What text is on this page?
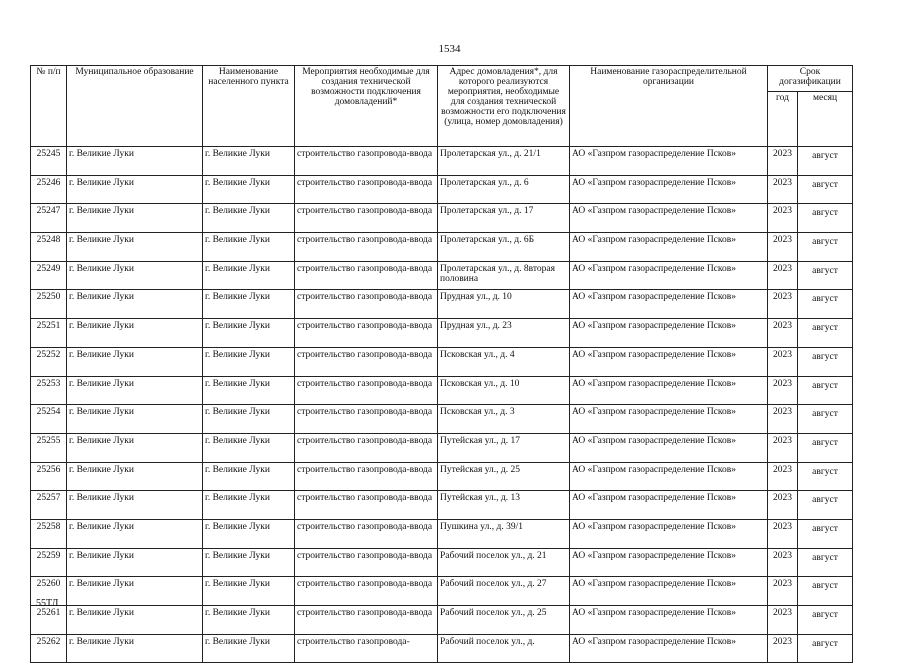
1534
№ п/п	Муниципальное образование	Наименование населенного пункта	Мероприятия необходимые для создания технической возможности подключения домовладений*	Адрес домовладения*, для которого реализуются мероприятия, необходимые для создания технической возможности его подключения (улица, номер домовладения)	Наименование газораспределительной организации	Срок догазификации	
						год	месяц
25245	г. Великие Луки	г. Великие Луки	строительство газопровода-ввода	Пролетарская ул., д. 21/1	АО «Газпром газораспределение Псков»	2023	август
25246	г. Великие Луки	г. Великие Луки	строительство газопровода-ввода	Пролетарская ул., д. 6	АО «Газпром газораспределение Псков»	2023	август
25247	г. Великие Луки	г. Великие Луки	строительство газопровода-ввода	Пролетарская ул., д. 17	АО «Газпром газораспределение Псков»	2023	август
25248	г. Великие Луки	г. Великие Луки	строительство газопровода-ввода	Пролетарская ул., д. 6Б	АО «Газпром газораспределение Псков»	2023	август
25249	г. Великие Луки	г. Великие Луки	строительство газопровода-ввода	Пролетарская ул., д. 8вторая половина	АО «Газпром газораспределение Псков»	2023	август
25250	г. Великие Луки	г. Великие Луки	строительство газопровода-ввода	Прудная ул., д. 10	АО «Газпром газораспределение Псков»	2023	август
25251	г. Великие Луки	г. Великие Луки	строительство газопровода-ввода	Прудная ул., д. 23	АО «Газпром газораспределение Псков»	2023	август
25252	г. Великие Луки	г. Великие Луки	строительство газопровода-ввода	Псковская ул., д. 4	АО «Газпром газораспределение Псков»	2023	август
25253	г. Великие Луки	г. Великие Луки	строительство газопровода-ввода	Псковская ул., д. 10	АО «Газпром газораспределение Псков»	2023	август
25254	г. Великие Луки	г. Великие Луки	строительство газопровода-ввода	Псковская ул., д. 3	АО «Газпром газораспределение Псков»	2023	август
25255	г. Великие Луки	г. Великие Луки	строительство газопровода-ввода	Путейская ул., д. 17	АО «Газпром газораспределение Псков»	2023	август
25256	г. Великие Луки	г. Великие Луки	строительство газопровода-ввода	Путейская ул., д. 25	АО «Газпром газораспределение Псков»	2023	август
25257	г. Великие Луки	г. Великие Луки	строительство газопровода-ввода	Путейская ул., д. 13	АО «Газпром газораспределение Псков»	2023	август
25258	г. Великие Луки	г. Великие Луки	строительство газопровода-ввода	Пушкина ул., д. 39/1	АО «Газпром газораспределение Псков»	2023	август
25259	г. Великие Луки	г. Великие Луки	строительство газопровода-ввода	Рабочий поселок ул., д. 21	АО «Газпром газораспределение Псков»	2023	август
25260	г. Великие Луки	г. Великие Луки	строительство газопровода-ввода	Рабочий поселок ул., д. 27	АО «Газпром газораспределение Псков»	2023	август
25261	г. Великие Луки	г. Великие Луки	строительство газопровода-ввода	Рабочий поселок ул., д. 25	АО «Газпром газораспределение Псков»	2023	август
25262	г. Великие Луки	г. Великие Луки	строительство газопровода-	Рабочий поселок ул., д.	АО «Газпром газораспределение Псков»	2023	август
55ТЛ
